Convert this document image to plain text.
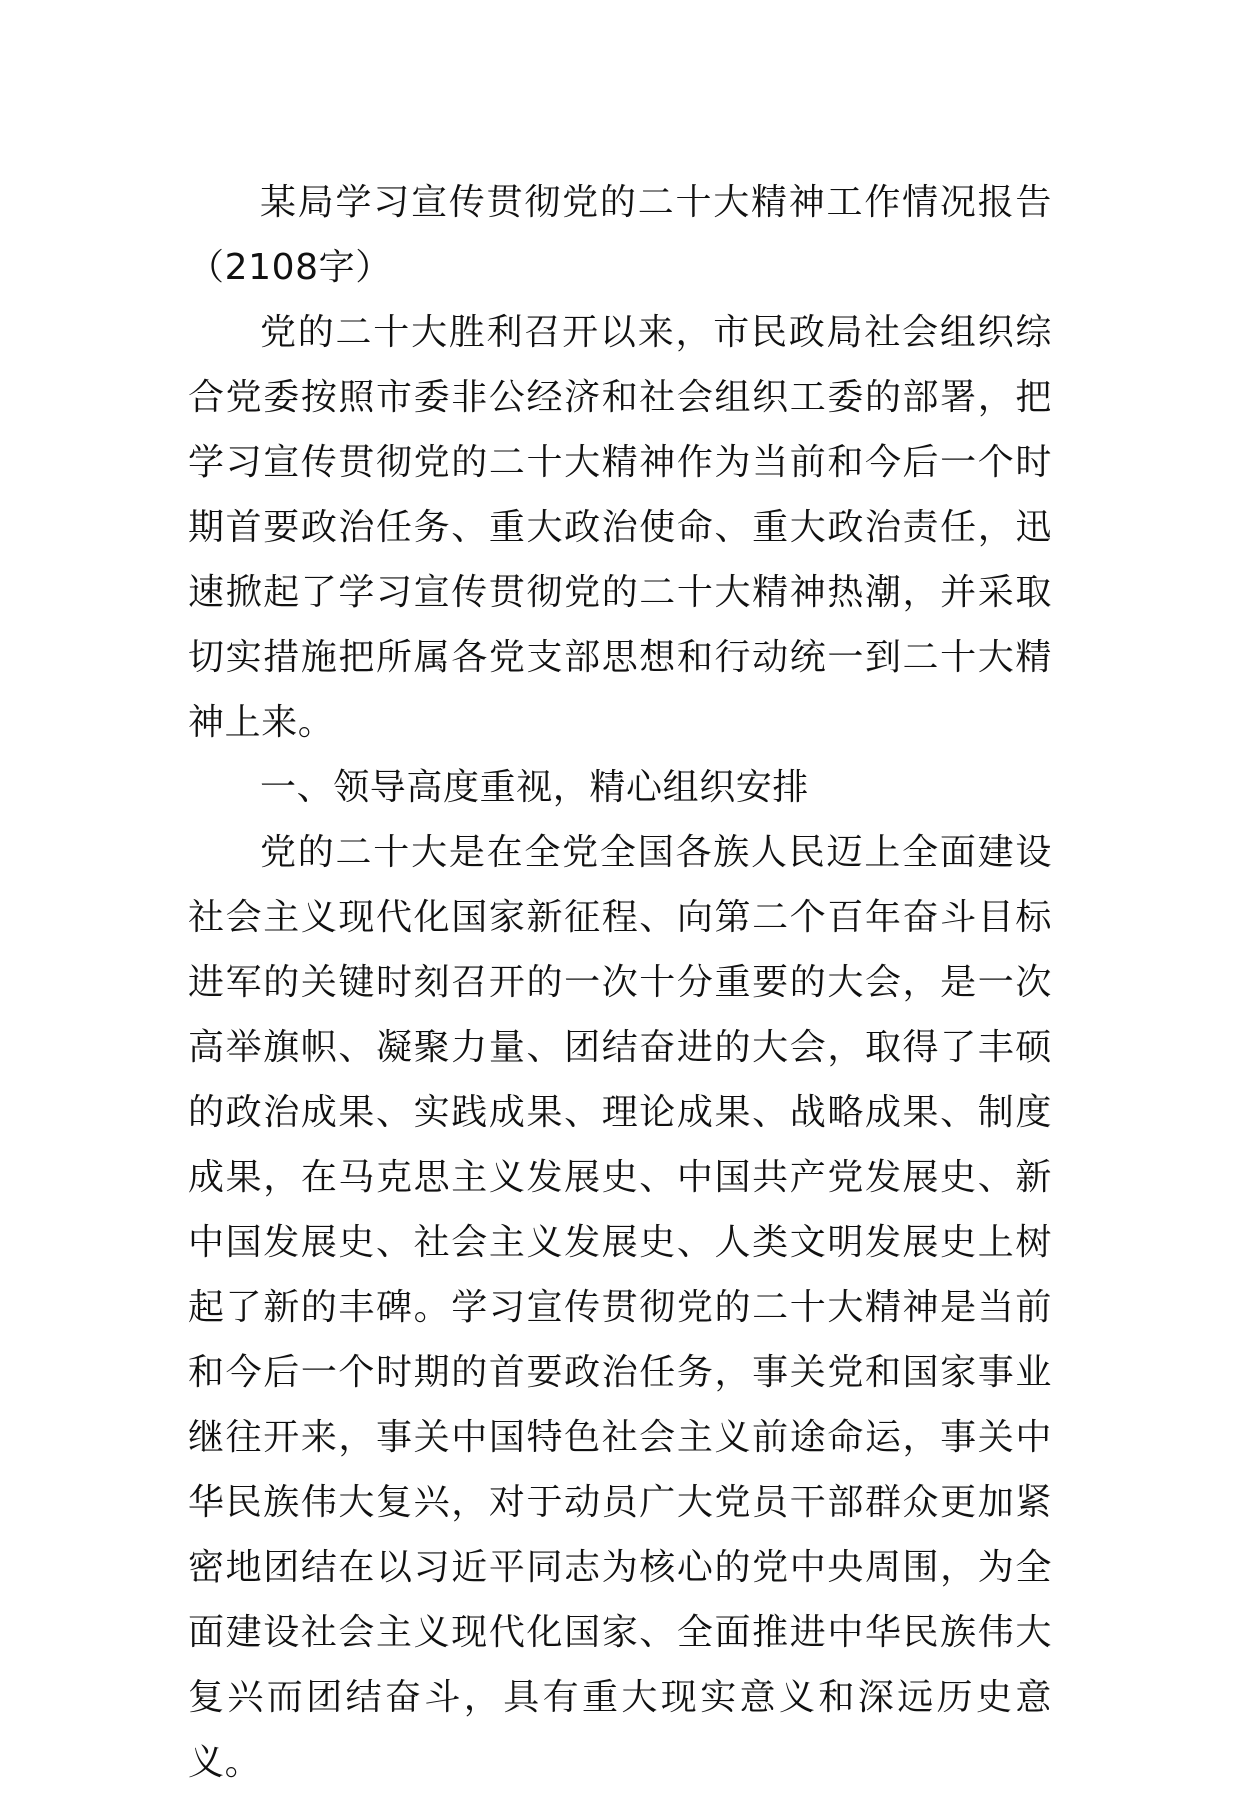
某局学习宣传贯彻党的二十大精神工作情况报告（2108字）

党的二十大胜利召开以来，市民政局社会组织综合党委按照市委非公经济和社会组织工委的部署，把学习宣传贯彻党的二十大精神作为当前和今后一个时期首要政治任务、重大政治使命、重大政治责任，迅速掀起了学习宣传贯彻党的二十大精神热潮，并采取切实措施把所属各党支部思想和行动统一到二十大精神上来。

一、领导高度重视，精心组织安排

党的二十大是在全党全国各族人民迈上全面建设社会主义现代化国家新征程、向第二个百年奋斗目标进军的关键时刻召开的一次十分重要的大会，是一次高举旗帜、凝聚力量、团结奋进的大会，取得了丰硕的政治成果、实践成果、理论成果、战略成果、制度成果，在马克思主义发展史、中国共产党发展史、新中国发展史、社会主义发展史、人类文明发展史上树起了新的丰碑。学习宣传贯彻党的二十大精神是当前和今后一个时期的首要政治任务，事关党和国家事业继往开来，事关中国特色社会主义前途命运，事关中华民族伟大复兴，对于动员广大党员干部群众更加紧密地团结在以习近平同志为核心的党中央周围，为全面建设社会主义现代化国家、全面推进中华民族伟大复兴而团结奋斗，具有重大现实意义和深远历史意义。
